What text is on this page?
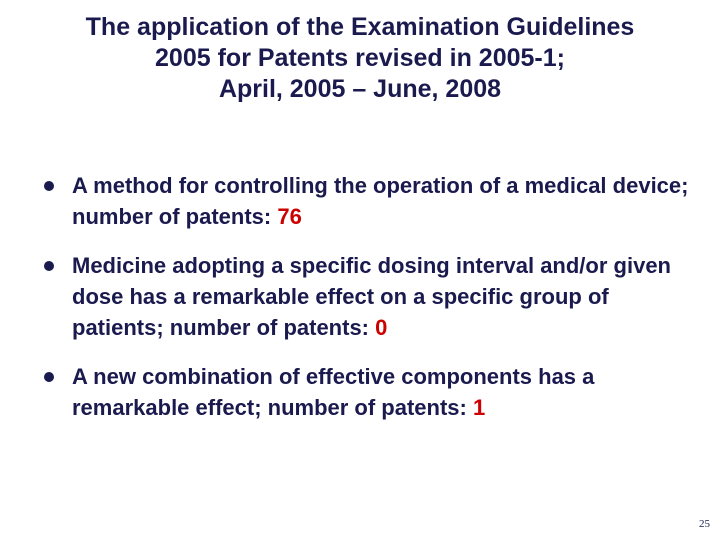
The application of the Examination Guidelines
2005 for Patents revised in 2005-1;
April, 2005 – June, 2008
A method for controlling the operation of a medical device; number of patents: 76
Medicine adopting a specific dosing interval and/or given dose has a remarkable effect on a specific group of patients; number of patents: 0
A new combination of effective components has a remarkable effect; number of patents: 1
25
